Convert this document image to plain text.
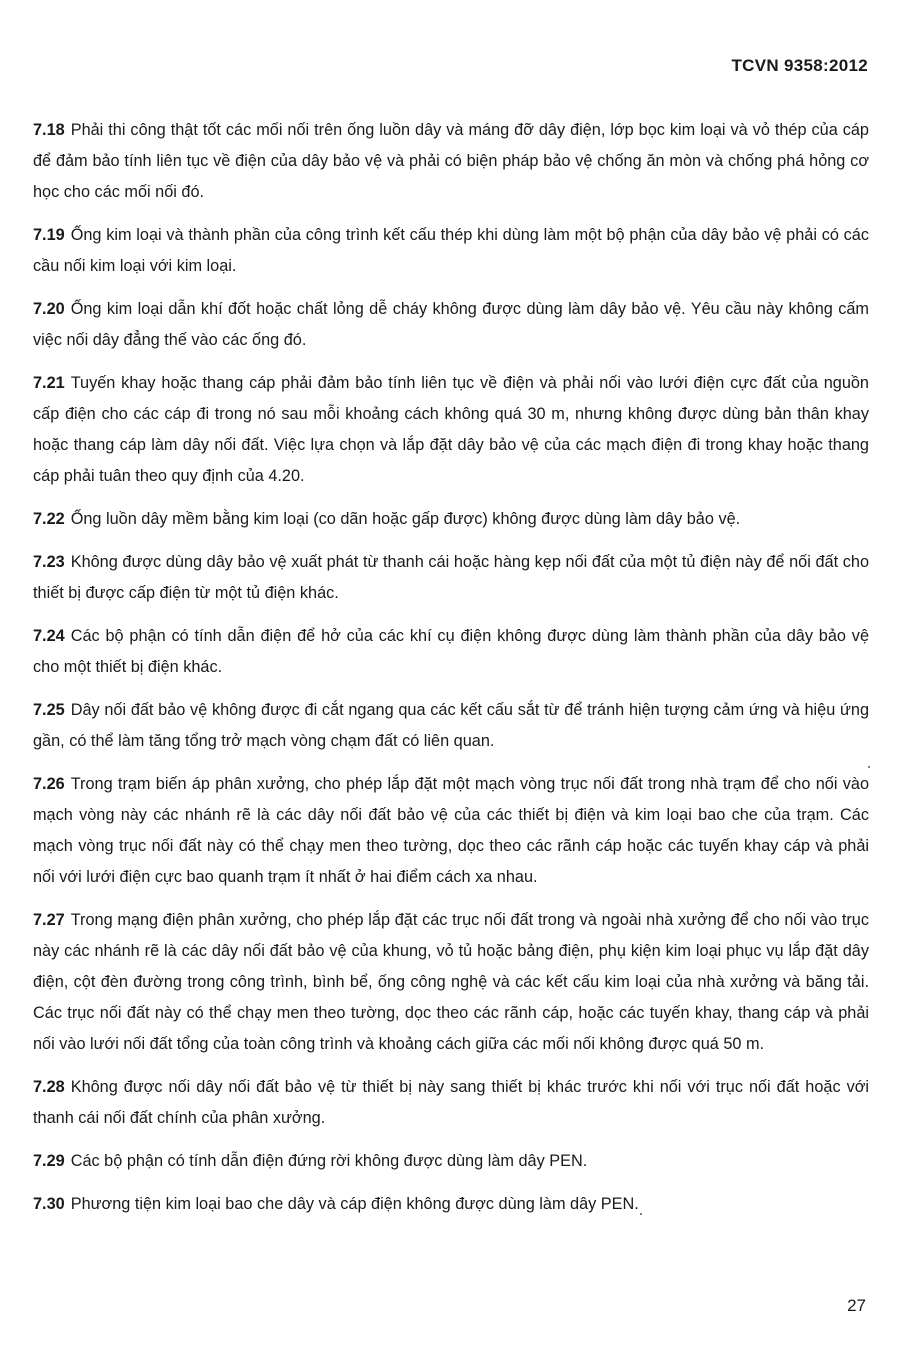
TCVN 9358:2012

7.18 Phải thi công thật tốt các mối nối trên ống luồn dây và máng đỡ dây điện, lớp bọc kim loại và vỏ thép của cáp để đảm bảo tính liên tục về điện của dây bảo vệ và phải có biện pháp bảo vệ chống ăn mòn và chống phá hỏng cơ học cho các mối nối đó.

7.19 Ống kim loại và thành phần của công trình kết cấu thép khi dùng làm một bộ phận của dây bảo vệ phải có các cầu nối kim loại với kim loại.

7.20 Ống kim loại dẫn khí đốt hoặc chất lỏng dễ cháy không được dùng làm dây bảo vệ. Yêu cầu này không cấm việc nối dây đẳng thế vào các ống đó.

7.21 Tuyến khay hoặc thang cáp phải đảm bảo tính liên tục về điện và phải nối vào lưới điện cực đất của nguồn cấp điện cho các cáp đi trong nó sau mỗi khoảng cách không quá 30 m, nhưng không được dùng bản thân khay hoặc thang cáp làm dây nối đất. Việc lựa chọn và lắp đặt dây bảo vệ của các mạch điện đi trong khay hoặc thang cáp phải tuân theo quy định của 4.20.

7.22 Ống luồn dây mềm bằng kim loại (co dãn hoặc gấp được) không được dùng làm dây bảo vệ.

7.23 Không được dùng dây bảo vệ xuất phát từ thanh cái hoặc hàng kẹp nối đất của một tủ điện này để nối đất cho thiết bị được cấp điện từ một tủ điện khác.

7.24 Các bộ phận có tính dẫn điện để hở của các khí cụ điện không được dùng làm thành phần của dây bảo vệ cho một thiết bị điện khác.

7.25 Dây nối đất bảo vệ không được đi cắt ngang qua các kết cấu sắt từ để tránh hiện tượng cảm ứng và hiệu ứng gần, có thể làm tăng tổng trở mạch vòng chạm đất có liên quan.

7.26 Trong trạm biến áp phân xưởng, cho phép lắp đặt một mạch vòng trục nối đất trong nhà trạm để cho nối vào mạch vòng này các nhánh rẽ là các dây nối đất bảo vệ của các thiết bị điện và kim loại bao che của trạm. Các mạch vòng trục nối đất này có thể chạy men theo tường, dọc theo các rãnh cáp hoặc các tuyến khay cáp và phải nối với lưới điện cực bao quanh trạm ít nhất ở hai điểm cách xa nhau.

7.27 Trong mạng điện phân xưởng, cho phép lắp đặt các trục nối đất trong và ngoài nhà xưởng để cho nối vào trục này các nhánh rẽ là các dây nối đất bảo vệ của khung, vỏ tủ hoặc bảng điện, phụ kiện kim loại phục vụ lắp đặt dây điện, cột đèn đường trong công trình, bình bể, ống công nghệ và các kết cấu kim loại của nhà xưởng và băng tải. Các trục nối đất này có thể chạy men theo tường, dọc theo các rãnh cáp, hoặc các tuyến khay, thang cáp và phải nối vào lưới nối đất tổng của toàn công trình và khoảng cách giữa các mối nối không được quá 50 m.

7.28 Không được nối dây nối đất bảo vệ từ thiết bị này sang thiết bị khác trước khi nối với trục nối đất hoặc với thanh cái nối đất chính của phân xưởng.

7.29 Các bộ phận có tính dẫn điện đứng rời không được dùng làm dây PEN.

7.30 Phương tiện kim loại bao che dây và cáp điện không được dùng làm dây PEN.

27
